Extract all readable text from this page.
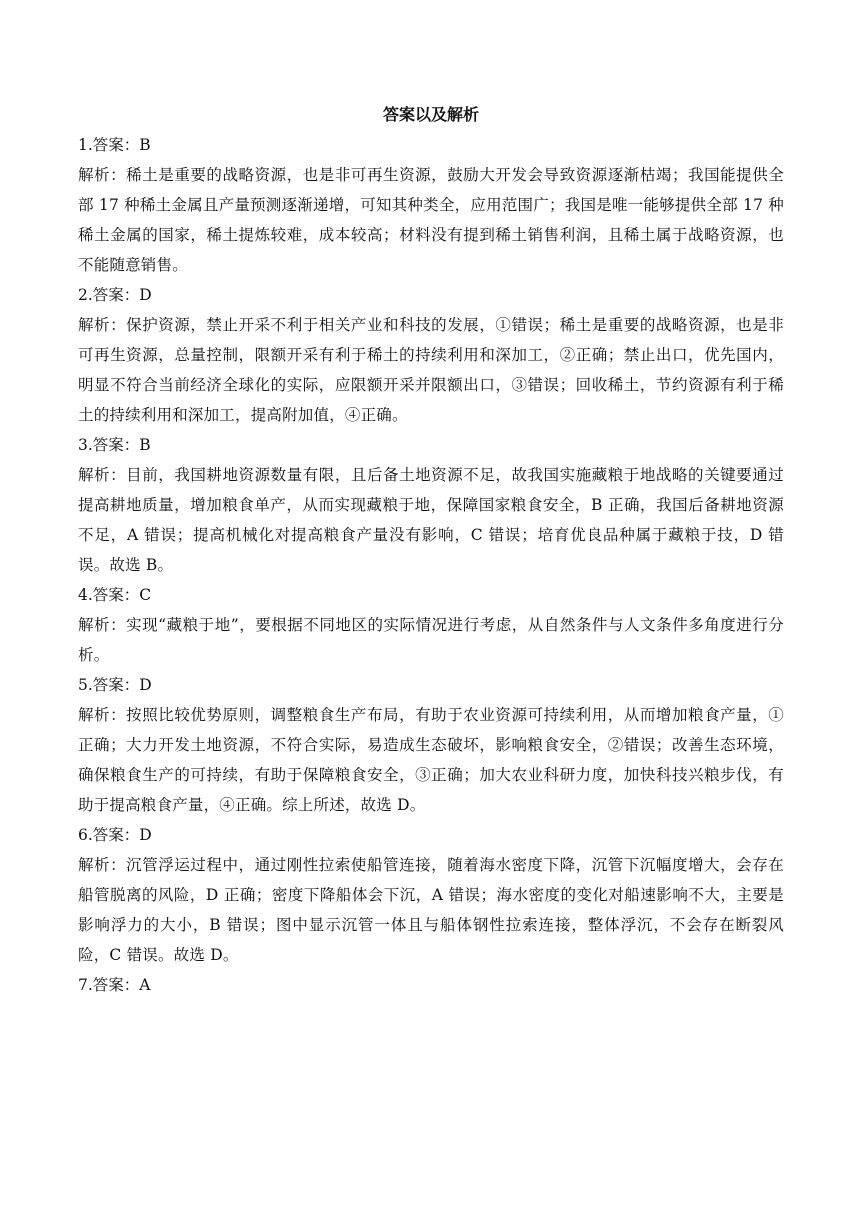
答案以及解析

1.答案：B

解析：稀土是重要的战略资源，也是非可再生资源，鼓励大开发会导致资源逐渐枯竭；我国能提供全部 17 种稀土金属且产量预测逐渐递增，可知其种类全，应用范围广；我国是唯一能够提供全部 17 种稀土金属的国家，稀土提炼较难，成本较高；材料没有提到稀土销售利润，且稀土属于战略资源，也不能随意销售。

2.答案：D

解析：保护资源，禁止开采不利于相关产业和科技的发展，①错误；稀土是重要的战略资源，也是非可再生资源，总量控制，限额开采有利于稀土的持续利用和深加工，②正确；禁止出口，优先国内，明显不符合当前经济全球化的实际，应限额开采并限额出口，③错误；回收稀土，节约资源有利于稀土的持续利用和深加工，提高附加值，④正确。

3.答案：B

解析：目前，我国耕地资源数量有限，且后备土地资源不足，故我国实施藏粮于地战略的关键要通过提高耕地质量，增加粮食单产，从而实现藏粮于地，保障国家粮食安全，B 正确，我国后备耕地资源不足，A 错误；提高机械化对提高粮食产量没有影响，C 错误；培育优良品种属于藏粮于技，D 错误。故选 B。

4.答案：C

解析：实现“藏粮于地”，要根据不同地区的实际情况进行考虑，从自然条件与人文条件多角度进行分析。

5.答案：D

解析：按照比较优势原则，调整粮食生产布局，有助于农业资源可持续利用，从而增加粮食产量，①正确；大力开发土地资源，不符合实际，易造成生态破坏，影响粮食安全，②错误；改善生态环境，确保粮食生产的可持续，有助于保障粮食安全，③正确；加大农业科研力度，加快科技兴粮步伐，有助于提高粮食产量，④正确。综上所述，故选 D。

6.答案：D

解析：沉管浮运过程中，通过刚性拉索使船管连接，随着海水密度下降，沉管下沉幅度增大，会存在船管脱离的风险，D 正确；密度下降船体会下沉，A 错误；海水密度的变化对船速影响不大，主要是影响浮力的大小，B 错误；图中显示沉管一体且与船体钢性拉索连接，整体浮沉，不会存在断裂风险，C 错误。故选 D。

7.答案：A
